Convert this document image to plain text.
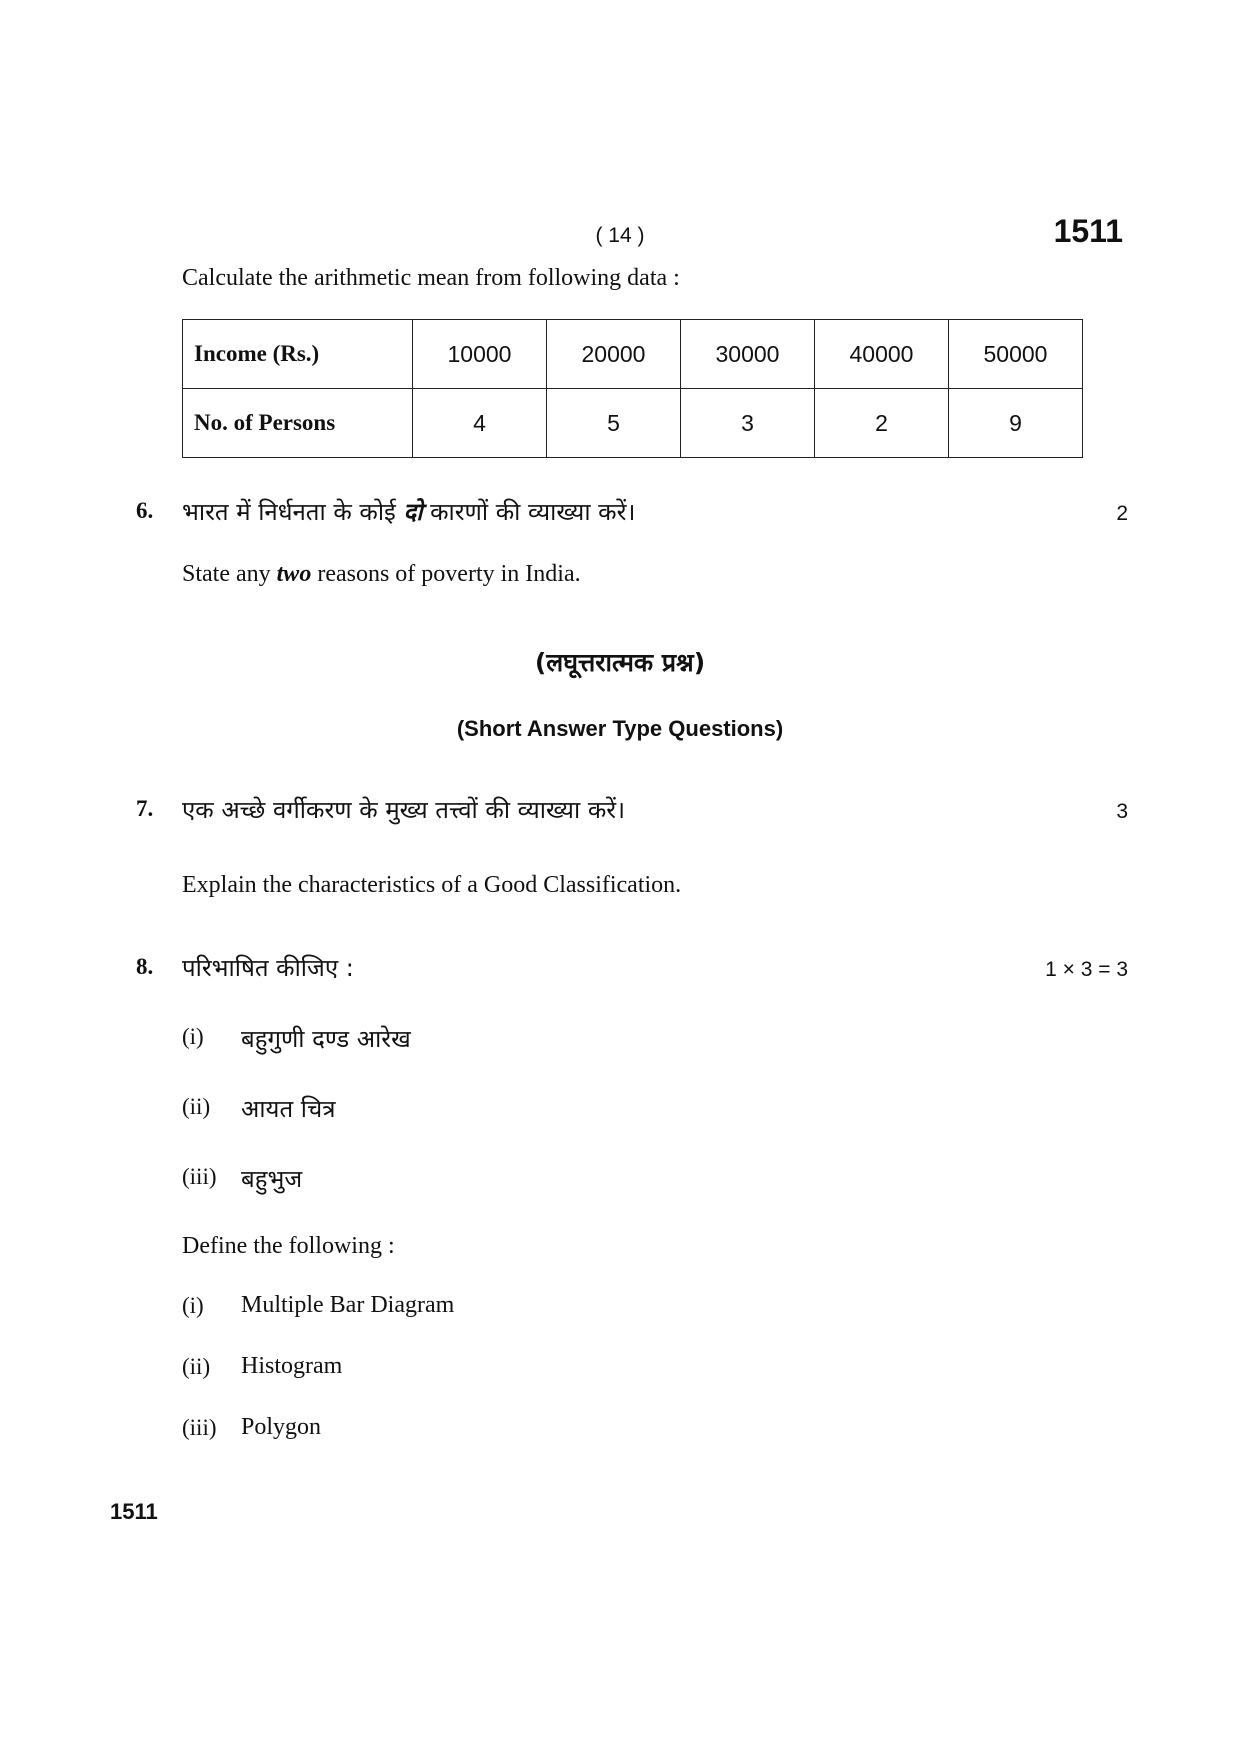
( 14 )	1511
Calculate the arithmetic mean from following data :
Income (Rs.)	10000	20000	30000	40000	50000
No. of Persons	4	5	3	2	9
6. भारत में निर्धनता के कोई दो कारणों की व्याख्या करें।	2
State any two reasons of poverty in India.
(लघूत्तरात्मक प्रश्न)
(Short Answer Type Questions)
7. एक अच्छे वर्गीकरण के मुख्य तत्त्वों की व्याख्या करें।	3
Explain the characteristics of a Good Classification.
8. परिभाषित कीजिए :	1 × 3 = 3
(i)	बहुगुणी दण्ड आरेख
(ii)	आयत चित्र
(iii)	बहुभुज
Define the following :
(i)	Multiple Bar Diagram
(ii)	Histogram
(iii)	Polygon
1511
